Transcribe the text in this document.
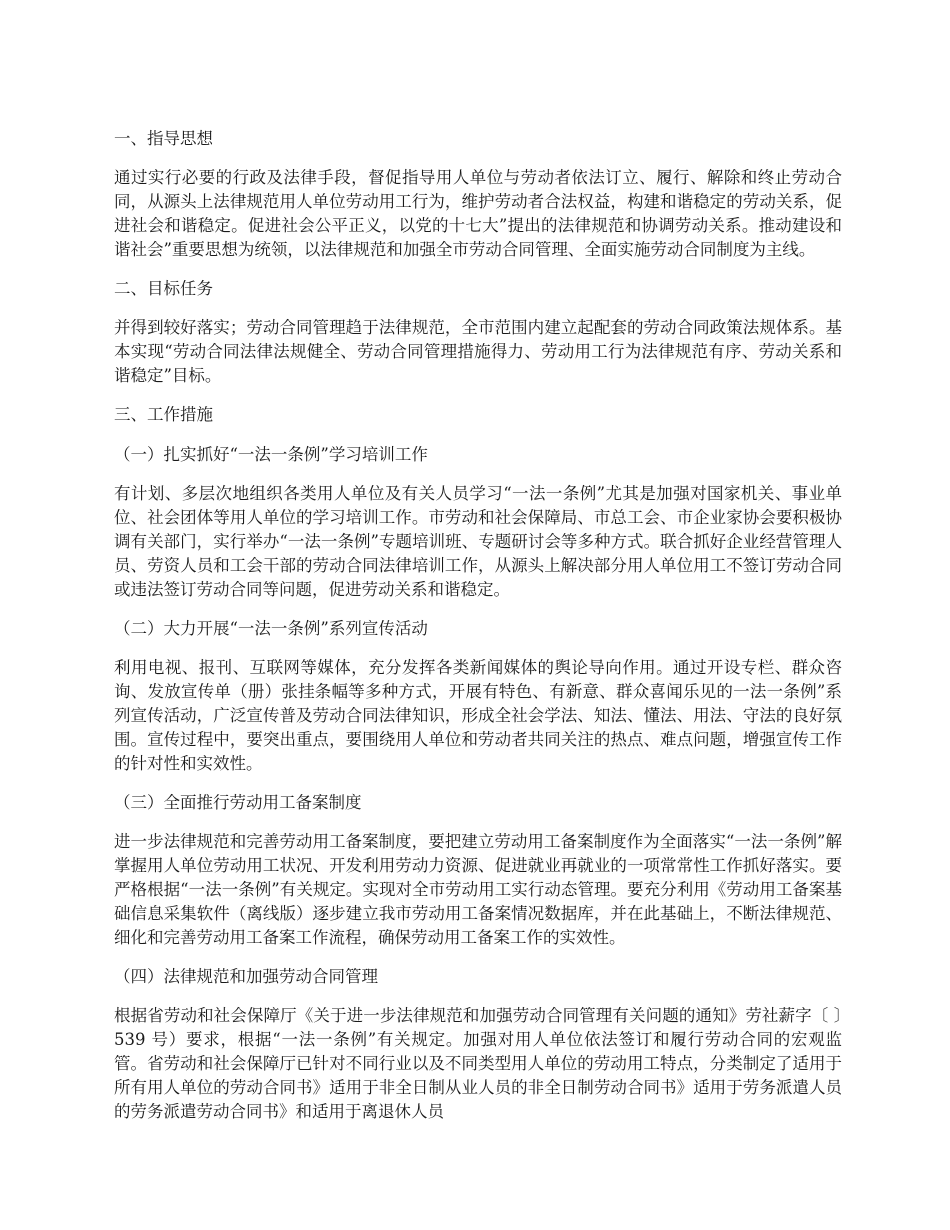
一、指导思想
通过实行必要的行政及法律手段，督促指导用人单位与劳动者依法订立、履行、解除和终止劳动合同，从源头上法律规范用人单位劳动用工行为，维护劳动者合法权益，构建和谐稳定的劳动关系，促进社会和谐稳定。促进社会公平正义，以党的十七大”提出的法律规范和协调劳动关系。推动建设和谐社会”重要思想为统领，以法律规范和加强全市劳动合同管理、全面实施劳动合同制度为主线。
二、目标任务
并得到较好落实；劳动合同管理趋于法律规范，全市范围内建立起配套的劳动合同政策法规体系。基本实现“劳动合同法律法规健全、劳动合同管理措施得力、劳动用工行为法律规范有序、劳动关系和谐稳定”目标。
三、工作措施
（一）扎实抓好“一法一条例”学习培训工作
有计划、多层次地组织各类用人单位及有关人员学习“一法一条例”尤其是加强对国家机关、事业单位、社会团体等用人单位的学习培训工作。市劳动和社会保障局、市总工会、市企业家协会要积极协调有关部门，实行举办“一法一条例”专题培训班、专题研讨会等多种方式。联合抓好企业经营管理人员、劳资人员和工会干部的劳动合同法律培训工作，从源头上解决部分用人单位用工不签订劳动合同或违法签订劳动合同等问题，促进劳动关系和谐稳定。
（二）大力开展“一法一条例”系列宣传活动
利用电视、报刊、互联网等媒体，充分发挥各类新闻媒体的舆论导向作用。通过开设专栏、群众咨询、发放宣传单（册）张挂条幅等多种方式，开展有特色、有新意、群众喜闻乐见的一法一条例”系列宣传活动，广泛宣传普及劳动合同法律知识，形成全社会学法、知法、懂法、用法、守法的良好氛围。宣传过程中，要突出重点，要围绕用人单位和劳动者共同关注的热点、难点问题，增强宣传工作的针对性和实效性。
（三）全面推行劳动用工备案制度
进一步法律规范和完善劳动用工备案制度，要把建立劳动用工备案制度作为全面落实“一法一条例”解掌握用人单位劳动用工状况、开发利用劳动力资源、促进就业再就业的一项常常性工作抓好落实。要严格根据“一法一条例”有关规定。实现对全市劳动用工实行动态管理。要充分利用《劳动用工备案基础信息采集软件（离线版）逐步建立我市劳动用工备案情况数据库，并在此基础上，不断法律规范、细化和完善劳动用工备案工作流程，确保劳动用工备案工作的实效性。
（四）法律规范和加强劳动合同管理
根据省劳动和社会保障厅《关于进一步法律规范和加强劳动合同管理有关问题的通知》劳社薪字〔 〕539 号）要求，根据“一法一条例”有关规定。加强对用人单位依法签订和履行劳动合同的宏观监管。省劳动和社会保障厅已针对不同行业以及不同类型用人单位的劳动用工特点，分类制定了适用于所有用人单位的劳动合同书》适用于非全日制从业人员的非全日制劳动合同书》适用于劳务派遣人员的劳务派遣劳动合同书》和适用于离退休人员
